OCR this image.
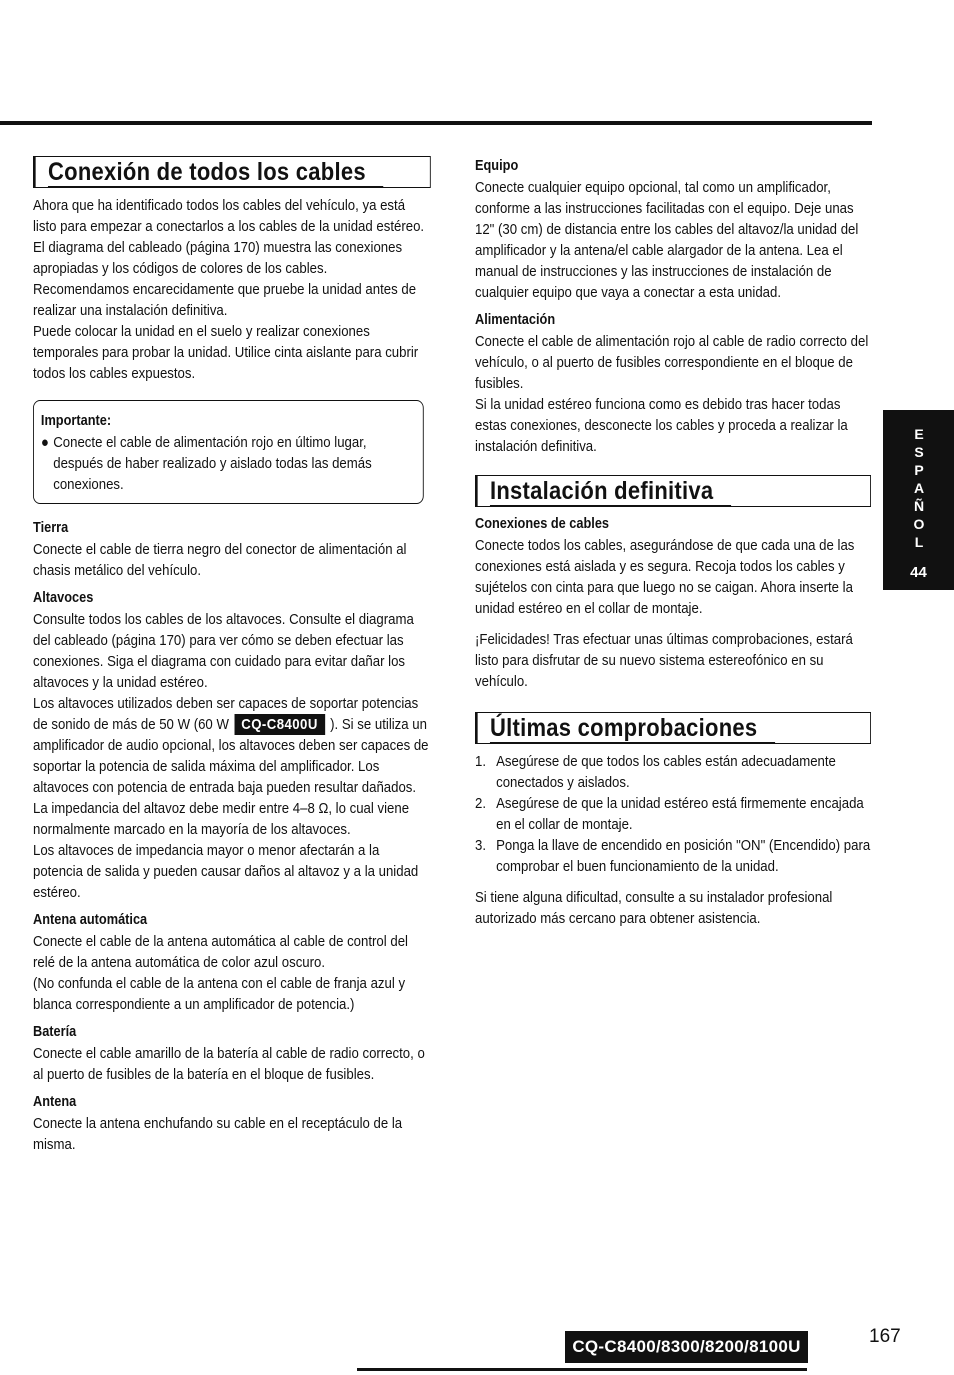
Conexión de todos los cables

Ahora que ha identificado todos los cables del vehículo, ya está listo para empezar a conectarlos a los cables de la unidad estéreo. El diagrama del cableado (página 170) muestra las conexiones apropiadas y los códigos de colores de los cables.

Recomendamos encarecidamente que pruebe la unidad antes de realizar una instalación definitiva.

Puede colocar la unidad en el suelo y realizar conexiones temporales para probar la unidad. Utilice cinta aislante para cubrir todos los cables expuestos.

Importante:
● Conecte el cable de alimentación rojo en último lugar, después de haber realizado y aislado todas las demás conexiones.
Tierra

Conecte el cable de tierra negro del conector de alimentación al chasis metálico del vehículo.

Altavoces

Consulte todos los cables de los altavoces. Consulte el diagrama del cableado (página 170) para ver cómo se deben efectuar las conexiones. Siga el diagrama con cuidado para evitar dañar los altavoces y la unidad estéreo.

Los altavoces utilizados deben ser capaces de soportar potencias de sonido de más de 50 W (60 W CQ-C8400U ). Si se utiliza un amplificador de audio opcional, los altavoces deben ser capaces de soportar la potencia de salida máxima del amplificador. Los altavoces con potencia de entrada baja pueden resultar dañados. La impedancia del altavoz debe medir entre 4–8 Ω, lo cual viene normalmente marcado en la mayoría de los altavoces.

Los altavoces de impedancia mayor o menor afectarán a la potencia de salida y pueden causar daños al altavoz y a la unidad estéreo.

Antena automática

Conecte el cable de la antena automática al cable de control del relé de la antena automática de color azul oscuro.

(No confunda el cable de la antena con el cable de franja azul y blanca correspondiente a un amplificador de potencia.)

Batería

Conecte el cable amarillo de la batería al cable de radio correcto, o al puerto de fusibles de la batería en el bloque de fusibles.

Antena

Conecte la antena enchufando su cable en el receptáculo de la misma.

Equipo

Conecte cualquier equipo opcional, tal como un amplificador, conforme a las instrucciones facilitadas con el equipo. Deje unas 12" (30 cm) de distancia entre los cables del altavoz/la unidad del amplificador y la antena/el cable alargador de la antena. Lea el manual de instrucciones y las instrucciones de instalación de cualquier equipo que vaya a conectar a esta unidad.

Alimentación

Conecte el cable de alimentación rojo al cable de radio correcto del vehículo, o al puerto de fusibles correspondiente en el bloque de fusibles.

Si la unidad estéreo funciona como es debido tras hacer todas estas conexiones, desconecte los cables y proceda a realizar la instalación definitiva.

Instalación definitiva
Conexiones de cables

Conecte todos los cables, asegurándose de que cada una de las conexiones está aislada y es segura. Recoja todos los cables y sujételos con cinta para que luego no se caigan. Ahora inserte la unidad estéreo en el collar de montaje.

¡Felicidades! Tras efectuar unas últimas comprobaciones, estará listo para disfrutar de su nuevo sistema estereofónico en su vehículo.

Últimas comprobaciones
1. Asegúrese de que todos los cables están adecuadamente conectados y aislados.
2. Asegúrese de que la unidad estéreo está firmemente encajada en el collar de montaje.
3. Ponga la llave de encendido en posición "ON" (Encendido) para comprobar el buen funcionamiento de la unidad.

Si tiene alguna dificultad, consulte a su instalador profesional autorizado más cercano para obtener asistencia.

E
S
P
A
Ñ
O
L
44
CQ-C8400/8300/8200/8100U	167
